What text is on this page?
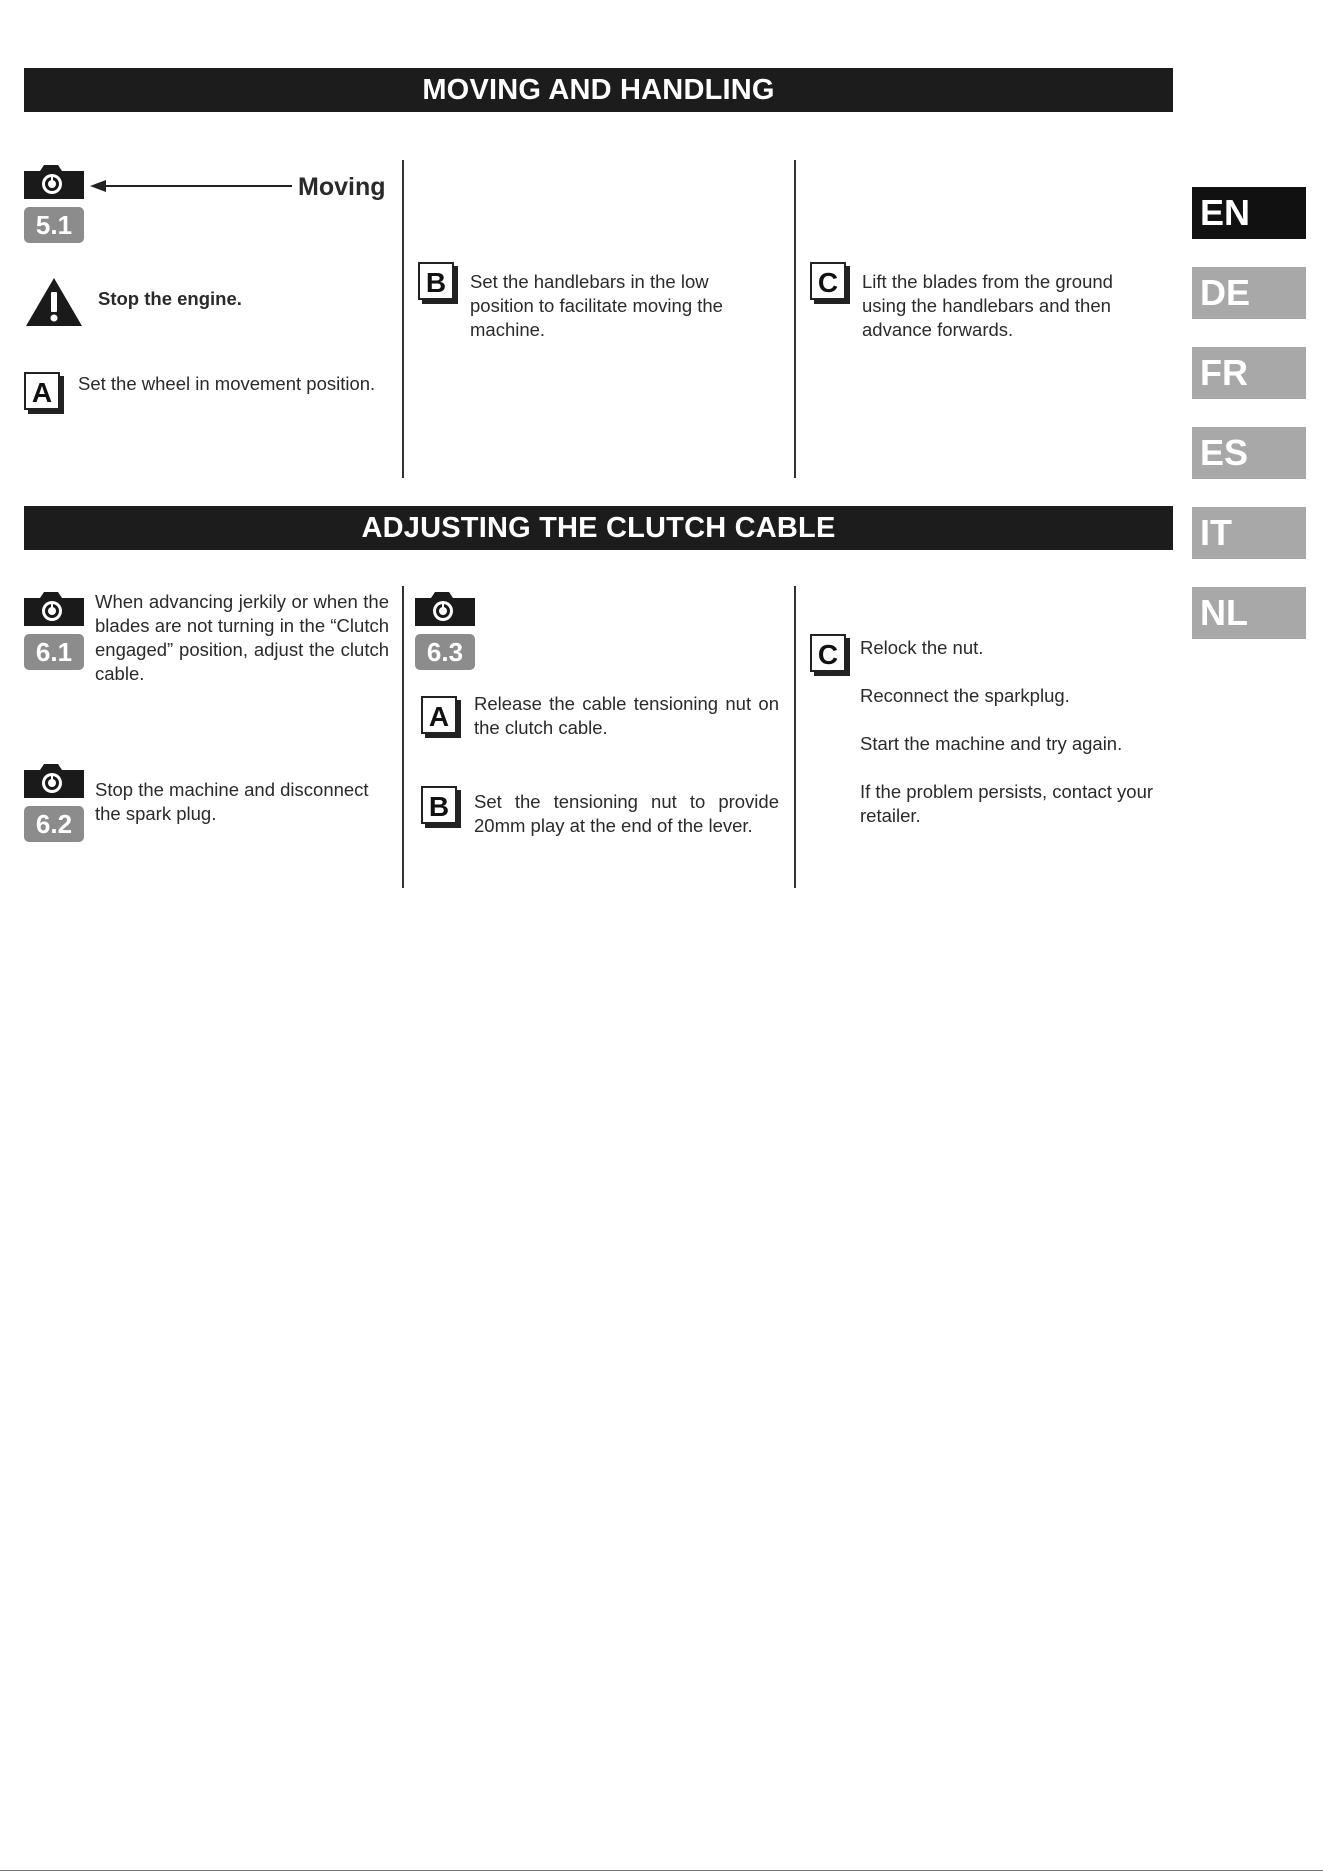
MOVING AND HANDLING
5.1
Moving
Stop the engine.
A	Set the wheel in movement position.
B	Set the handlebars in the low position to facilitate moving the machine.
C	Lift the blades from the ground using the handlebars and then advance forwards.
ADJUSTING THE CLUTCH CABLE
6.1
When advancing jerkily or when the blades are not turning in the “Clutch engaged” position, adjust the clutch cable.
6.2
Stop the machine and disconnect the spark plug.
6.3
A	Release the cable tensioning nut on the clutch cable.
B	Set the tensioning nut to provide 20mm play at the end of the lever.
C	Relock the nut.
Reconnect the sparkplug.
Start the machine and try again.
If the problem persists, contact your retailer.
EN
DE
FR
ES
IT
NL
